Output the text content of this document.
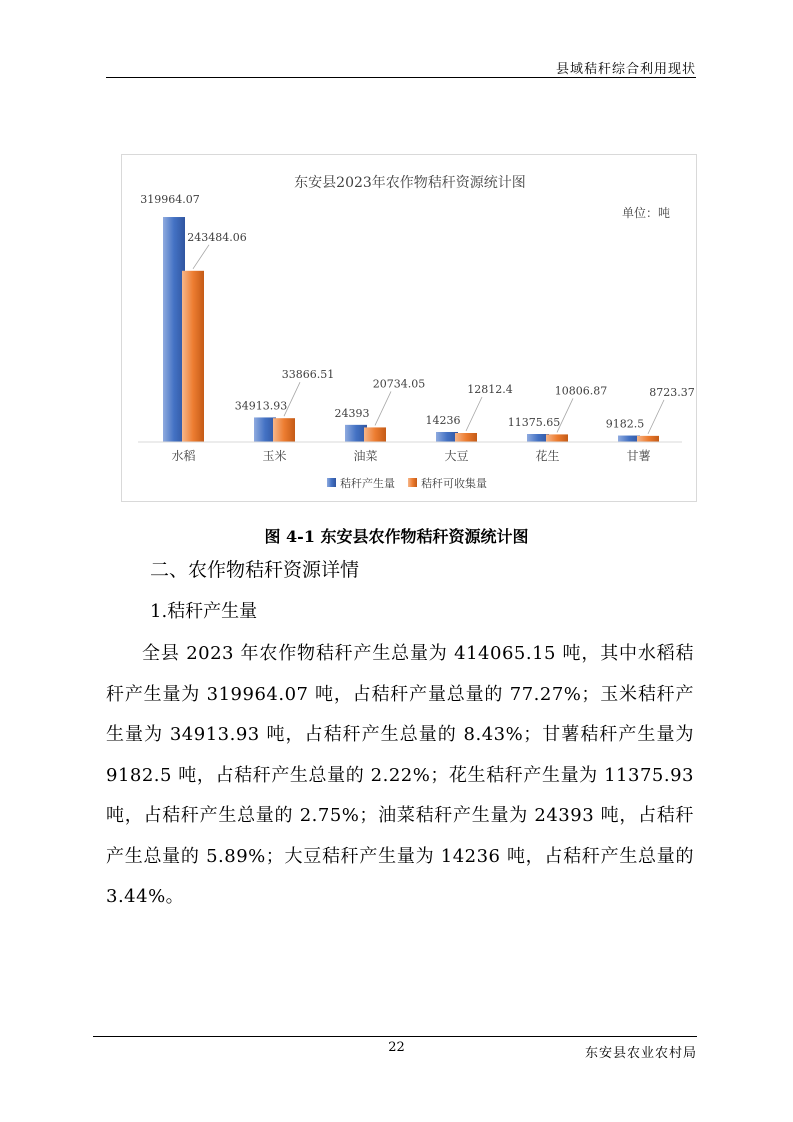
县域秸秆综合利用现状
东安县2023年农作物秸秆资源统计图
单位：吨
319964.07
243484.06
水稻
34913.93
33866.51
玉米
24393
20734.05
油菜
14236
12812.4
大豆
11375.65
10806.87
花生
9182.5
8723.37
甘薯
秸秆产生量 秸秆可收集量
图 4-1 东安县农作物秸秆资源统计图
二、农作物秸秆资源详情
1.秸秆产生量
全县 2023 年农作物秸秆产生总量为 414065.15 吨，其中水稻秸秆产生量为 319964.07 吨，占秸秆产量总量的 77.27%；玉米秸秆产生量为 34913.93 吨，占秸秆产生总量的 8.43%；甘薯秸秆产生量为 9182.5 吨，占秸秆产生总量的 2.22%；花生秸秆产生量为 11375.93 吨，占秸秆产生总量的 2.75%；油菜秸秆产生量为 24393 吨，占秸秆产生总量的 5.89%；大豆秸秆产生量为 14236 吨，占秸秆产生总量的 3.44%。
22	东安县农业农村局
